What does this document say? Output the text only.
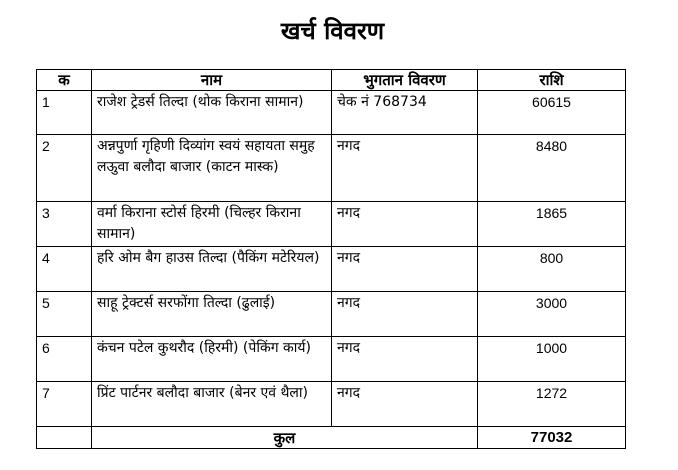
खर्च विवरण
क	नाम	भुगतान विवरण	राशि
1	राजेश ट्रेडर्स तिल्दा (थोक किराना सामान)	चेक नं 768734	60615
2	अन्नपुर्णा गृहिणी दिव्यांग स्वयं सहायता समुह लऊुवा बलौदा बाजार (काटन मास्क)	नगद	8480
3	वर्मा किराना स्टोर्स हिरमी (चिल्हर किराना सामान)	नगद	1865
4	हरि ओम बैग हाउस तिल्दा (पैकिंग मटेरियल)	नगद	800
5	साहू ट्रेक्टर्स सरफोंगा तिल्दा (ढुलाई)	नगद	3000
6	कंचन पटेल कुथरौद (हिरमी) (पेकिंग कार्य)	नगद	1000
7	प्रिंट पार्टनर बलौदा बाजार (बेनर एवं थैला)	नगद	1272
	कुल		77032
